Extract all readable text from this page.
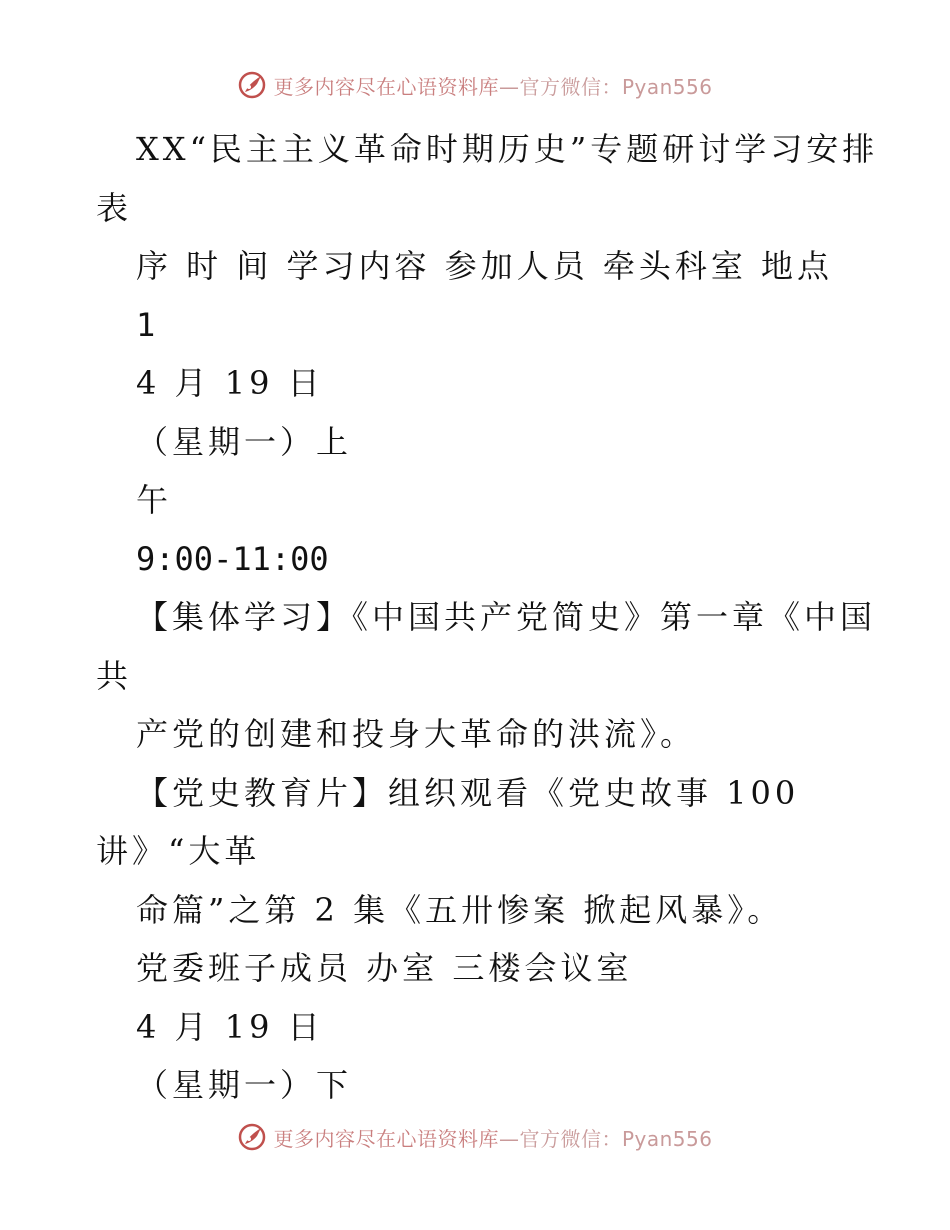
更多内容尽在心语资料库 —官方微信：Pyan556
XX“民主主义革命时期历史”专题研讨学习安排
表
序 时 间 学习内容 参加人员 牵头科室 地点
1
4 月 19 日
（星期一）上
午
9:00-11:00
【集体学习】《中国共产党简史》第一章《中国
共
产党的创建和投身大革命的洪流》。
【党史教育片】组织观看《党史故事 100
讲》“大革
命篇”之第 2 集《五卅惨案 掀起风暴》。
党委班子成员 办室 三楼会议室
4 月 19 日
（星期一）下
更多内容尽在心语资料库 —官方微信：Pyan556
